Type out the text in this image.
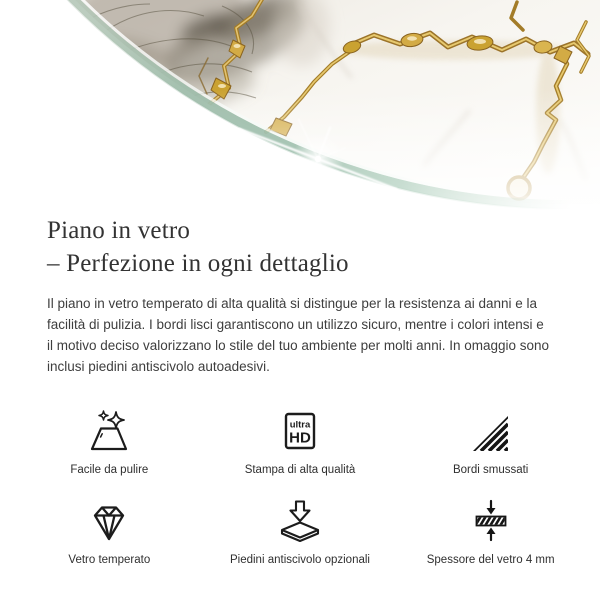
Piano in vetro
– Perfezione in ogni dettaglio

Il piano in vetro temperato di alta qualità si distingue per la resistenza ai danni e la facilità di pulizia. I bordi lisci garantiscono un utilizzo sicuro, mentre i colori intensi e il motivo deciso valorizzano lo stile del tuo ambiente per molti anni. In omaggio sono inclusi piedini antiscivolo autoadesivi.

Facile da pulire
ultra
HD
Stampa di alta qualità	Bordi smussati
Vetro temperato	Piedini antiscivolo opzionali	Spessore del vetro 4 mm
